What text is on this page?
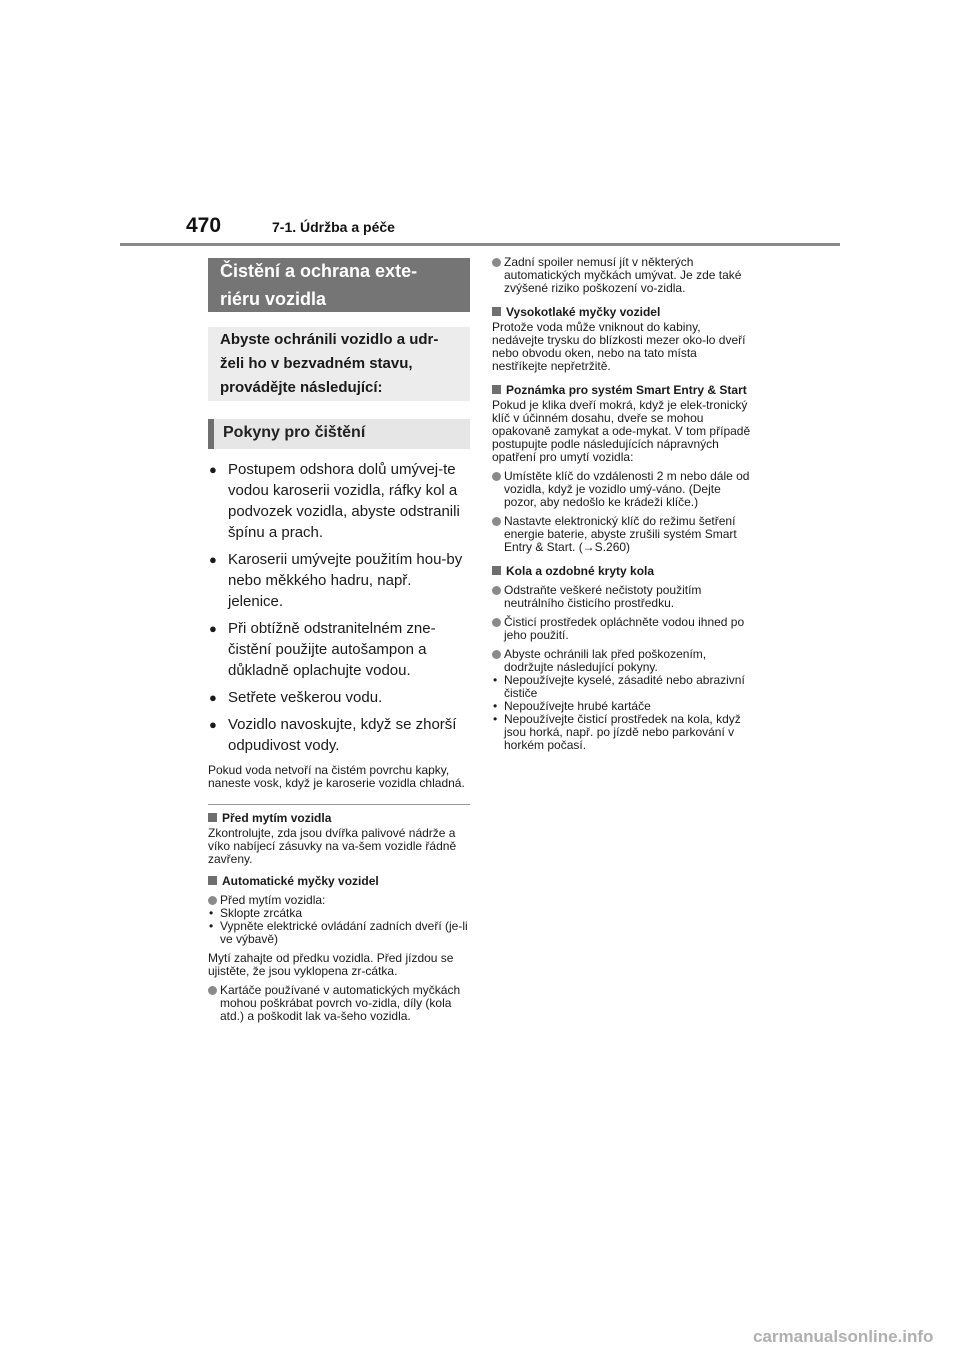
470	7-1. Údržba a péče
Čistění a ochrana exte-
riéru vozidla
Abyste ochránili vozidlo a udr-
želi ho v bezvadném stavu,
provádějte následující:
Pokyny pro čištění
● Postupem odshora dolů umývej-te vodou karoserii vozidla, ráfky kol a podvozek vozidla, abyste odstranili špínu a prach.
● Karoserii umývejte použitím hou-by nebo měkkého hadru, např. jelenice.
● Při obtížně odstranitelném zne-čistění použijte autošampon a důkladně oplachujte vodou.
● Setřete veškerou vodu.
● Vozidlo navoskujte, když se zhorší odpudivost vody.
Pokud voda netvoří na čistém povrchu kapky, naneste vosk, když je karoserie vozidla chladná.
Před mytím vozidla
Zkontrolujte, zda jsou dvířka palivové nádrže a víko nabíjecí zásuvky na va-šem vozidle řádně zavřeny.
Automatické myčky vozidel
Před mytím vozidla:
• Sklopte zrcátka
• Vypněte elektrické ovládání zadních dveří (je-li ve výbavě)
Mytí zahajte od předku vozidla. Před jízdou se ujistěte, že jsou vyklopena zr-cátka.
Kartáče používané v automatických myčkách mohou poškrábat povrch vo-zidla, díly (kola atd.) a poškodit lak va-šeho vozidla.
Zadní spoiler nemusí jít v některých automatických myčkách umývat. Je zde také zvýšené riziko poškození vo-zidla.
Vysokotlaké myčky vozidel
Protože voda může vniknout do kabiny, nedávejte trysku do blízkosti mezer oko-lo dveří nebo obvodu oken, nebo na tato místa nestříkejte nepřetržitě.
Poznámka pro systém Smart Entry & Start
Pokud je klika dveří mokrá, když je elek-tronický klíč v účinném dosahu, dveře se mohou opakovaně zamykat a ode-mykat. V tom případě postupujte podle následujících nápravných opatření pro umytí vozidla:
Umístěte klíč do vzdálenosti 2 m nebo dále od vozidla, když je vozidlo umý-váno. (Dejte pozor, aby nedošlo ke krádeži klíče.)
Nastavte elektronický klíč do režimu šetření energie baterie, abyste zrušili systém Smart Entry & Start. (→S.260)
Kola a ozdobné kryty kola
Odstraňte veškeré nečistoty použitím neutrálního čisticího prostředku.
Čisticí prostředek opláchněte vodou ihned po jeho použití.
Abyste ochránili lak před poškozením, dodržujte následující pokyny.
• Nepoužívejte kyselé, zásadité nebo abrazivní čističe
• Nepoužívejte hrubé kartáče
• Nepoužívejte čisticí prostředek na kola, když jsou horká, např. po jízdě nebo parkování v horkém počasí.
carmanualsonline.info
